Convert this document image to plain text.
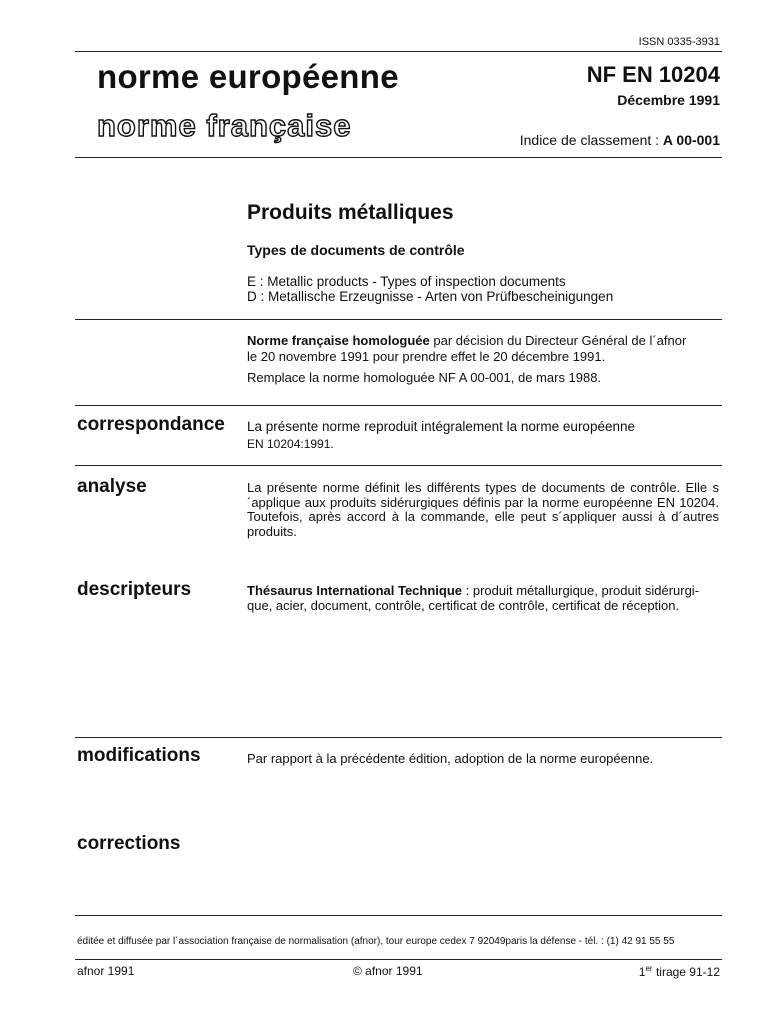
ISSN 0335-3931
norme européenne
norme française
NF EN 10204
Décembre 1991
Indice de classement : A 00-001
Produits métalliques
Types de documents de contrôle
E : Metallic products - Types of inspection documents
D : Metallische Erzeugnisse - Arten von Prüfbescheinigungen
Norme française homologuée par décision du Directeur Général de l´afnor
le 20 novembre 1991 pour prendre effet le 20 décembre 1991.
Remplace la norme homologuée NF A 00-001, de mars 1988.
correspondance La présente norme reproduit intégralement la norme européenne
EN 10204:1991.
analyse	La présente norme définit les différents types de documents de contrôle. Elle s´applique aux produits sidérurgiques définis par la norme européenne EN 10204. Toutefois, après accord à la commande, elle peut s´appliquer aussi à d´autres produits.
descripteurs	Thésaurus International Technique : produit métallurgique, produit sidérurgi-
que, acier, document, contrôle, certificat de contrôle, certificat de réception.
modifications	Par rapport à la précédente édition, adoption de la norme européenne.
corrections
éditée et diffusée par l´association française de normalisation (afnor), tour europe cedex 7 92049paris la défense - tél. : (1) 42 91 55 55
afnor 1991	© afnor 1991	1er tirage 91-12
